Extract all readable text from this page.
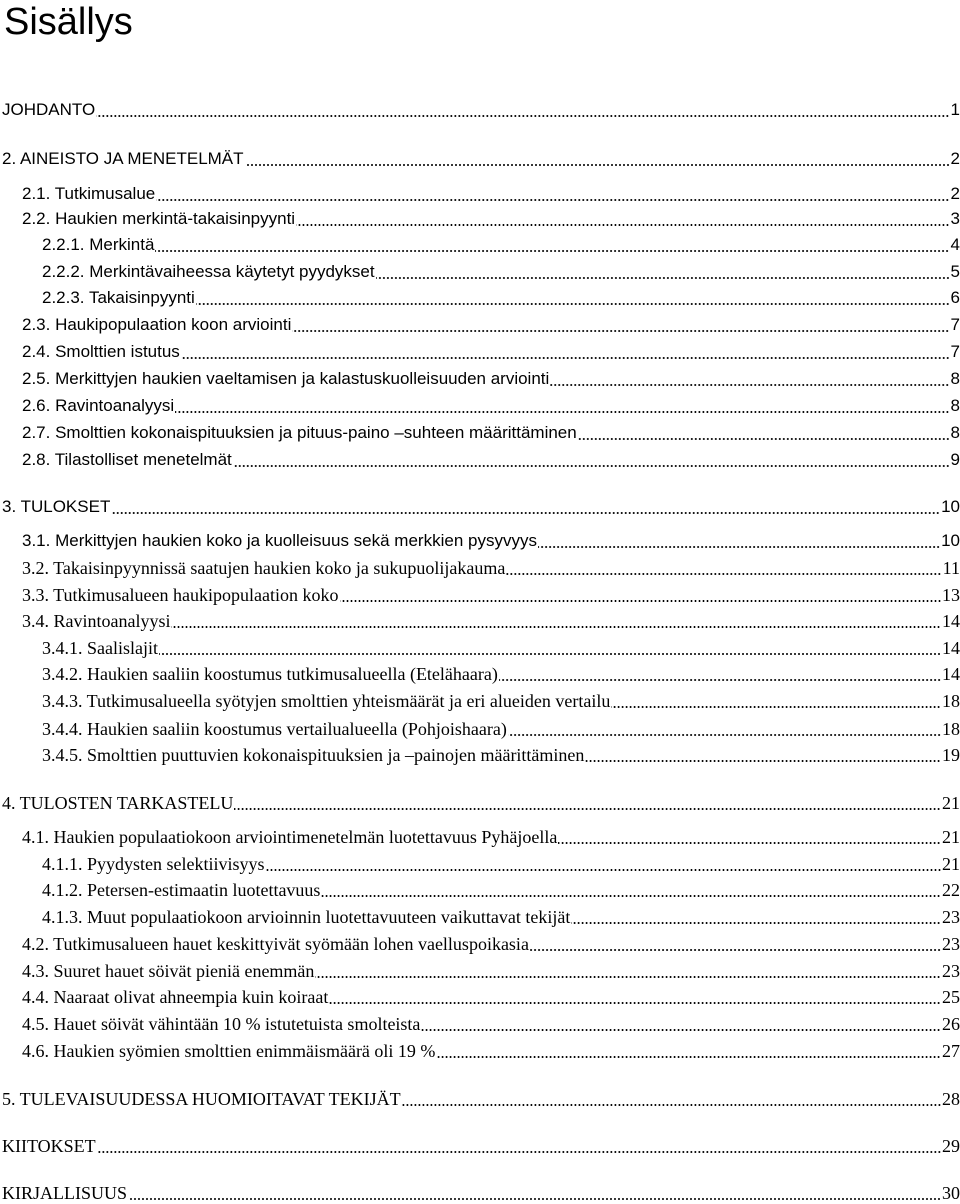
Sisällys
JOHDANTO	1
2. AINEISTO JA MENETELMÄT	2
2.1. Tutkimusalue	2
2.2. Haukien merkintä-takaisinpyynti	3
2.2.1. Merkintä	4
2.2.2. Merkintävaiheessa käytetyt pyydykset	5
2.2.3. Takaisinpyynti	6
2.3. Haukipopulaation koon arviointi	7
2.4. Smolttien istutus	7
2.5. Merkittyjen haukien vaeltamisen ja kalastuskuolleisuuden arviointi	8
2.6. Ravintoanalyysi	8
2.7. Smolttien kokonaispituuksien ja pituus-paino –suhteen määrittäminen	8
2.8. Tilastolliset menetelmät	9
3. TULOKSET	10
3.1. Merkittyjen haukien koko ja kuolleisuus sekä merkkien pysyvyys	10
3.2. Takaisinpyynnissä saatujen haukien koko ja sukupuolijakauma	11
3.3. Tutkimusalueen haukipopulaation koko	13
3.4. Ravintoanalyysi	14
3.4.1. Saalislajit	14
3.4.2. Haukien saaliin koostumus tutkimusalueella (Etelähaara)	14
3.4.3. Tutkimusalueella syötyjen smolttien yhteismäärät ja eri alueiden vertailu	18
3.4.4. Haukien saaliin koostumus vertailualueella (Pohjoishaara)	18
3.4.5. Smolttien puuttuvien kokonaispituuksien ja –painojen määrittäminen	19
4. TULOSTEN TARKASTELU	21
4.1. Haukien populaatiokoon arviointimenetelmän luotettavuus Pyhäjoella	21
4.1.1. Pyydysten selektiivisyys	21
4.1.2. Petersen-estimaatin luotettavuus	22
4.1.3. Muut populaatiokoon arvioinnin luotettavuuteen vaikuttavat tekijät	23
4.2. Tutkimusalueen hauet keskittyivät syömään lohen vaelluspoikasia	23
4.3. Suuret hauet söivät pieniä enemmän	23
4.4. Naaraat olivat ahneempia kuin koiraat	25
4.5. Hauet söivät vähintään 10 % istutetuista smolteista	26
4.6. Haukien syömien smolttien enimmäismäärä oli 19 %	27
5. TULEVAISUUDESSA HUOMIOITAVAT TEKIJÄT	28
KIITOKSET	29
KIRJALLISUUS	30
